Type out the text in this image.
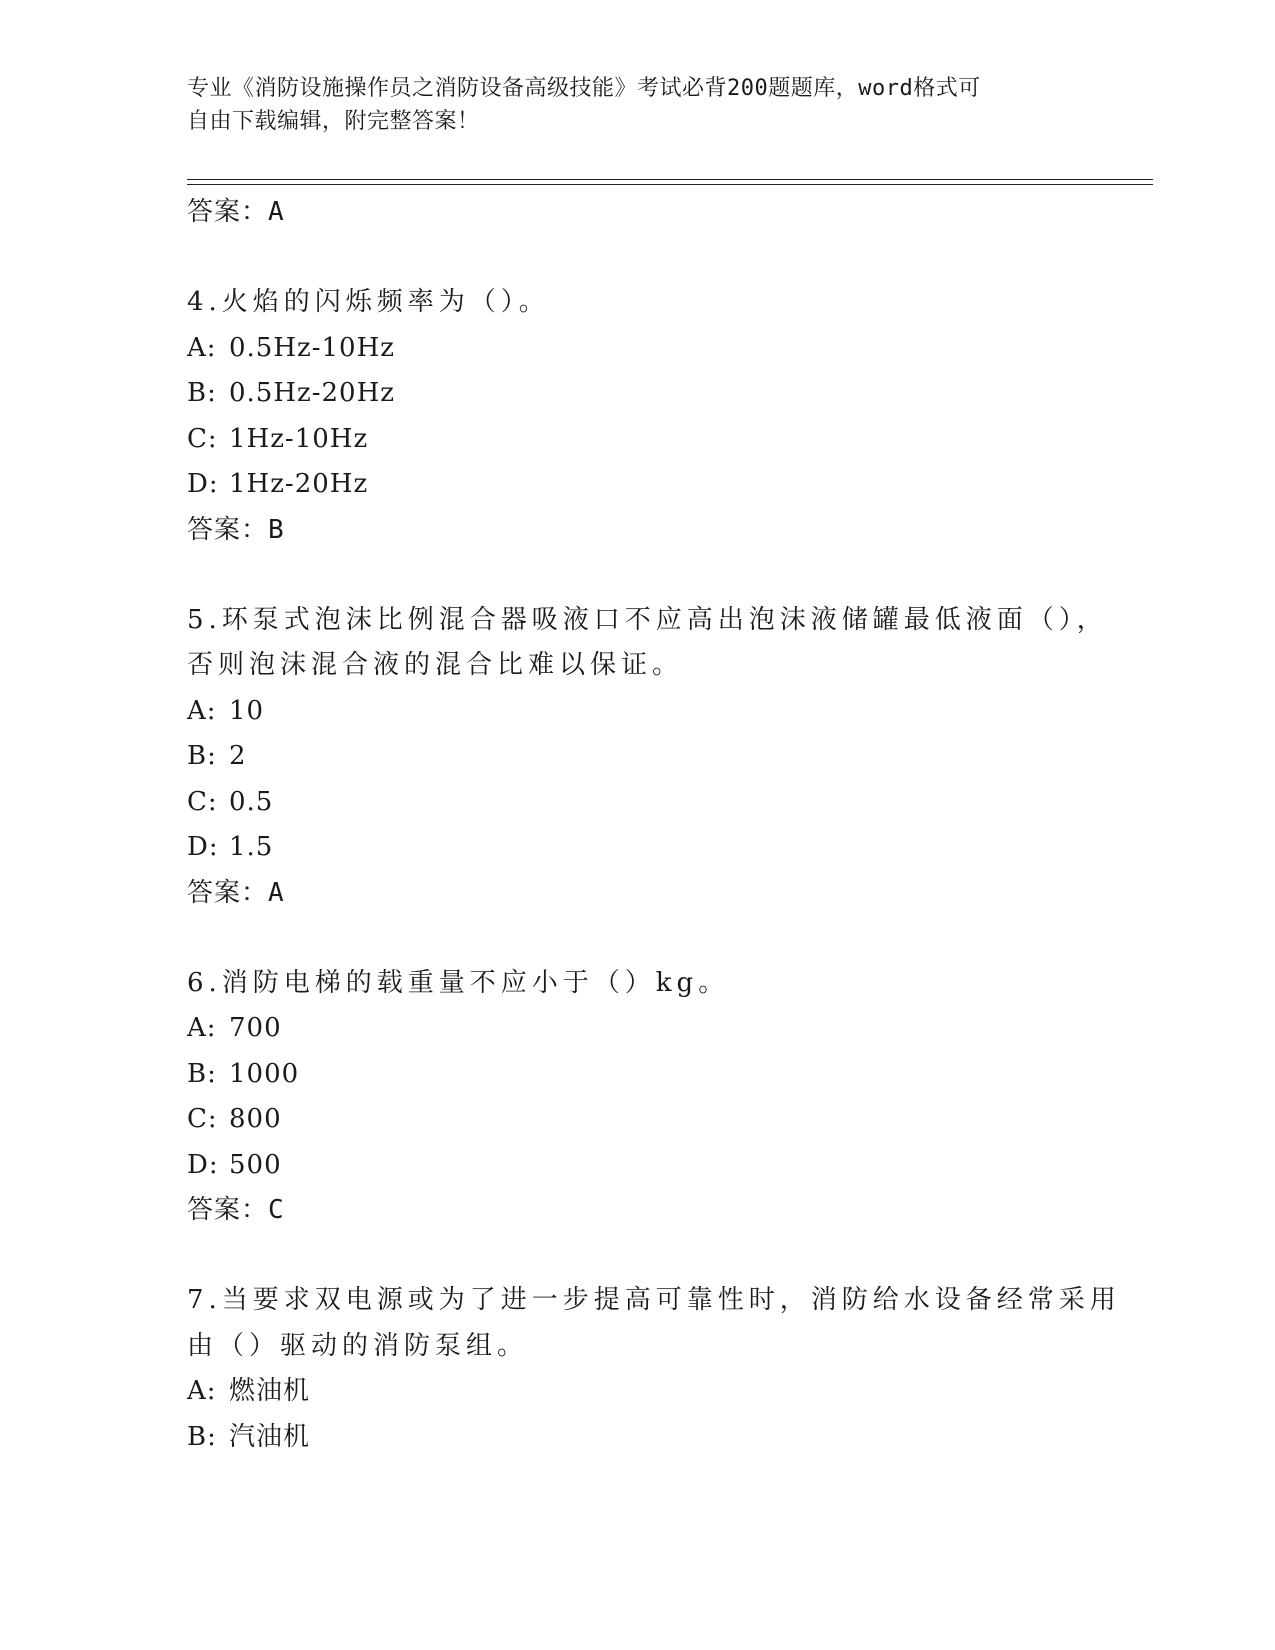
专业《消防设施操作员之消防设备高级技能》考试必背200题题库，word格式可
自由下载编辑，附完整答案！
答案：A
4.火焰的闪烁频率为（）。
A: 0.5Hz-10Hz
B: 0.5Hz-20Hz
C: 1Hz-10Hz
D: 1Hz-20Hz
答案：B
5.环泵式泡沫比例混合器吸液口不应高出泡沫液储罐最低液面（），
否则泡沫混合液的混合比难以保证。
A: 10
B: 2
C: 0.5
D: 1.5
答案：A
6.消防电梯的载重量不应小于（）kg。
A: 700
B: 1000
C: 800
D: 500
答案：C
7.当要求双电源或为了进一步提高可靠性时，消防给水设备经常采用
由（）驱动的消防泵组。
A: 燃油机
B: 汽油机
